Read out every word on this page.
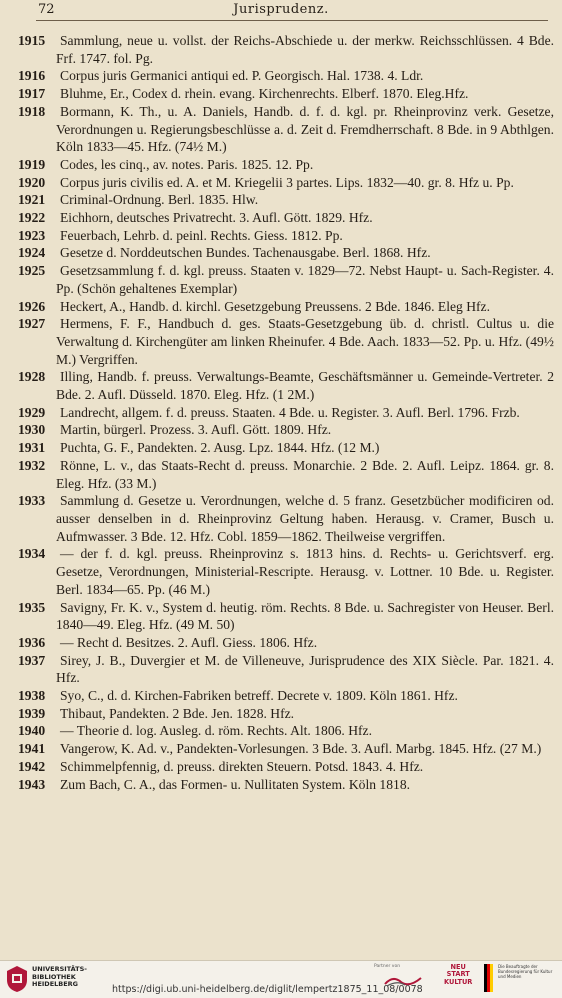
72	Jurisprudenz.

1915 Sammlung, neue u. vollst. der Reichs-Abschiede u. der merkw. Reichsschlüssen. 4 Bde. Frf. 1747. fol. Pg.

1916 Corpus juris Germanici antiqui ed. P. Georgisch. Hal. 1738. 4. Ldr.

1917 Bluhme, Er., Codex d. rhein. evang. Kirchenrechts. Elberf. 1870. Eleg.Hfz.

1918 Bormann, K. Th., u. A. Daniels, Handb. d. f. d. kgl. pr. Rheinprovinz verk. Gesetze, Verordnungen u. Regierungsbeschlüsse a. d. Zeit d. Fremdherrschaft. 8 Bde. in 9 Abthlgen. Köln 1833—45. Hfz. (74½ M.)

1919 Codes, les cinq., av. notes. Paris. 1825. 12. Pp.

1920 Corpus juris civilis ed. A. et M. Kriegelii 3 partes. Lips. 1832—40. gr. 8. Hfz u. Pp.

1921 Criminal-Ordnung. Berl. 1835. Hlw.

1922 Eichhorn, deutsches Privatrecht. 3. Aufl. Gött. 1829. Hfz.

1923 Feuerbach, Lehrb. d. peinl. Rechts. Giess. 1812. Pp.

1924 Gesetze d. Norddeutschen Bundes. Tachenausgabe. Berl. 1868. Hfz.

1925 Gesetzsammlung f. d. kgl. preuss. Staaten v. 1829—72. Nebst Haupt- u. Sach-Register. 4. Pp. (Schön gehaltenes Exemplar)

1926 Heckert, A., Handb. d. kirchl. Gesetzgebung Preussens. 2 Bde. 1846. Eleg Hfz.

1927 Hermens, F. F., Handbuch d. ges. Staats-Gesetzgebung üb. d. christl. Cultus u. die Verwaltung d. Kirchengüter am linken Rheinufer. 4 Bde. Aach. 1833—52. Pp. u. Hfz. (49½ M.) Vergriffen.

1928 Illing, Handb. f. preuss. Verwaltungs-Beamte, Geschäftsmänner u. Gemeinde-Vertreter. 2 Bde. 2. Aufl. Düsseld. 1870. Eleg. Hfz. (1 2M.)

1929 Landrecht, allgem. f. d. preuss. Staaten. 4 Bde. u. Register. 3. Aufl. Berl. 1796. Frzb.

1930 Martin, bürgerl. Prozess. 3. Aufl. Gött. 1809. Hfz.

1931 Puchta, G. F., Pandekten. 2. Ausg. Lpz. 1844. Hfz. (12 M.)

1932 Rönne, L. v., das Staats-Recht d. preuss. Monarchie. 2 Bde. 2. Aufl. Leipz. 1864. gr. 8. Eleg. Hfz. (33 M.)

1933 Sammlung d. Gesetze u. Verordnungen, welche d. 5 franz. Gesetzbücher modificiren od. ausser denselben in d. Rheinprovinz Geltung haben. Herausg. v. Cramer, Busch u. Aufmwasser. 3 Bde. 12. Hfz. Cobl. 1859—1862. Theilweise vergriffen.

1934 — der f. d. kgl. preuss. Rheinprovinz s. 1813 hins. d. Rechts- u. Gerichtsverf. erg. Gesetze, Verordnungen, Ministerial-Rescripte. Herausg. v. Lottner. 10 Bde. u. Register. Berl. 1834—65. Pp. (46 M.)

1935 Savigny, Fr. K. v., System d. heutig. röm. Rechts. 8 Bde. u. Sachregister von Heuser. Berl. 1840—49. Eleg. Hfz. (49 M. 50)

1936 — Recht d. Besitzes. 2. Aufl. Giess. 1806. Hfz.

1937 Sirey, J. B., Duvergier et M. de Villeneuve, Jurisprudence des XIX Siècle. Par. 1821. 4. Hfz.

1938 Syo, C., d. d. Kirchen-Fabriken betreff. Decrete v. 1809. Köln 1861. Hfz.

1939 Thibaut, Pandekten. 2 Bde. Jen. 1828. Hfz.

1940 — Theorie d. log. Ausleg. d. röm. Rechts. Alt. 1806. Hfz.

1941 Vangerow, K. Ad. v., Pandekten-Vorlesungen. 3 Bde. 3. Aufl. Marbg. 1845. Hfz. (27 M.)

1942 Schimmelpfennig, d. preuss. direkten Steuern. Potsd. 1843. 4. Hfz.

1943 Zum Bach, C. A., das Formen- u. Nullitaten System. Köln 1818.

UNIVERSITÄTS-
BIBLIOTHEK
HEIDELBERG	https://digi.ub.uni-heidelberg.de/diglit/lempertz1875_11_08/0078
Partner von	NEU
START
KULTUR
Die Beauftragte der Bundesregierung für Kultur und Medien
